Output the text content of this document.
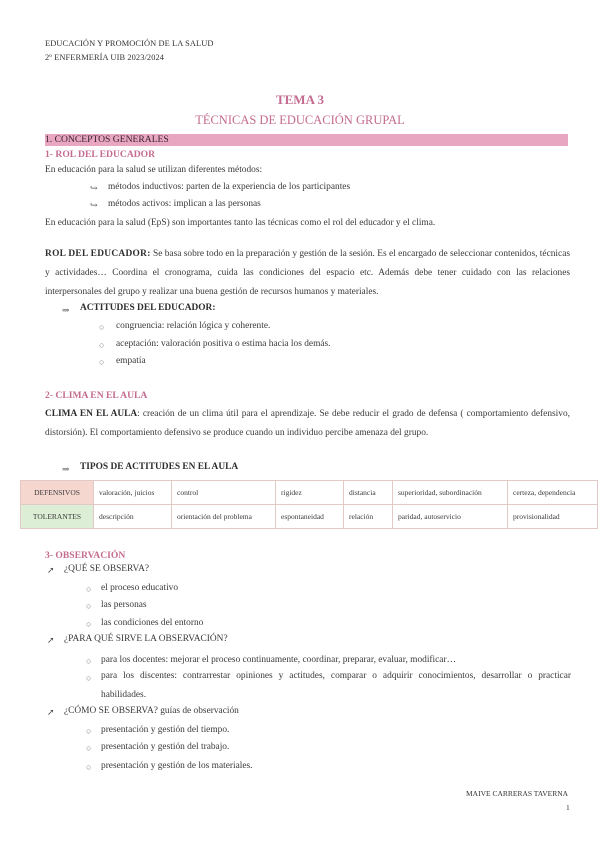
EDUCACIÓN Y PROMOCIÓN DE LA SALUD
2º ENFERMERÍA UIB 2023/2024
TEMA 3
TÉCNICAS DE EDUCACIÓN GRUPAL
1. CONCEPTOS GENERALES
1- ROL DEL EDUCADOR
En educación para la salud se utilizan diferentes métodos:
↪ métodos inductivos: parten de la experiencia de los participantes
↪ métodos activos: implican a las personas
En educación para la salud (EpS) son importantes tanto las técnicas como el rol del educador y el clima.
ROL DEL EDUCADOR: Se basa sobre todo en la preparación y gestión de la sesión. Es el encargado de seleccionar contenidos, técnicas y actividades… Coordina el cronograma, cuida las condiciones del espacio etc. Además debe tener cuidado con las relaciones interpersonales del grupo y realizar una buena gestión de recursos humanos y materiales.
⇒ ACTITUDES DEL EDUCADOR:
○ congruencia: relación lógica y coherente.
○ aceptación: valoración positiva o estima hacia los demás.
○ empatía
2- CLIMA EN EL AULA
CLIMA EN EL AULA: creación de un clima útil para el aprendizaje. Se debe reducir el grado de defensa ( comportamiento defensivo, distorsión). El comportamiento defensivo se produce cuando un individuo percibe amenaza del grupo.
⇒ TIPOS DE ACTITUDES EN EL AULA
DEFENSIVOS	valoración, juicios	control	rigidez	distancia	superioridad, subordinación	certeza, dependencia
TOLERANTES	descripción	orientación del problema	espontaneidad	relación	paridad, autoservicio	provisionalidad
3- OBSERVACIÓN
➚ ¿QUÉ SE OBSERVA?
○ el proceso educativo
○ las personas
○ las condiciones del entorno
➚ ¿PARA QUÉ SIRVE LA OBSERVACIÓN?
○ para los docentes: mejorar el proceso continuamente, coordinar, preparar, evaluar, modificar…
○ para los discentes: contrarrestar opiniones y actitudes, comparar o adquirir conocimientos, desarrollar o practicar habilidades.
➚ ¿CÓMO SE OBSERVA? guías de observación
○ presentación y gestión del tiempo.
○ presentación y gestión del trabajo.
○ presentación y gestión de los materiales.
MAIVE CARRERAS TAVERNA
1
